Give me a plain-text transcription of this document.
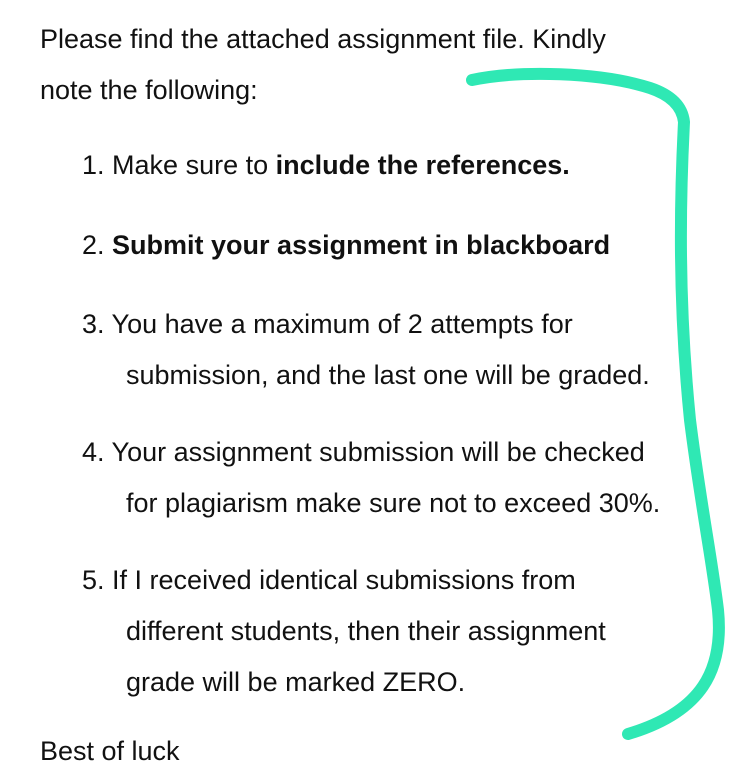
Please find the attached assignment file. Kindly
note the following:
1. Make sure to include the references.
2. Submit your assignment in blackboard
3. You have a maximum of 2 attempts for
submission, and the last one will be graded.
4. Your assignment submission will be checked
for plagiarism make sure not to exceed 30%.
5. If I received identical submissions from
different students, then their assignment
grade will be marked ZERO.
Best of luck
